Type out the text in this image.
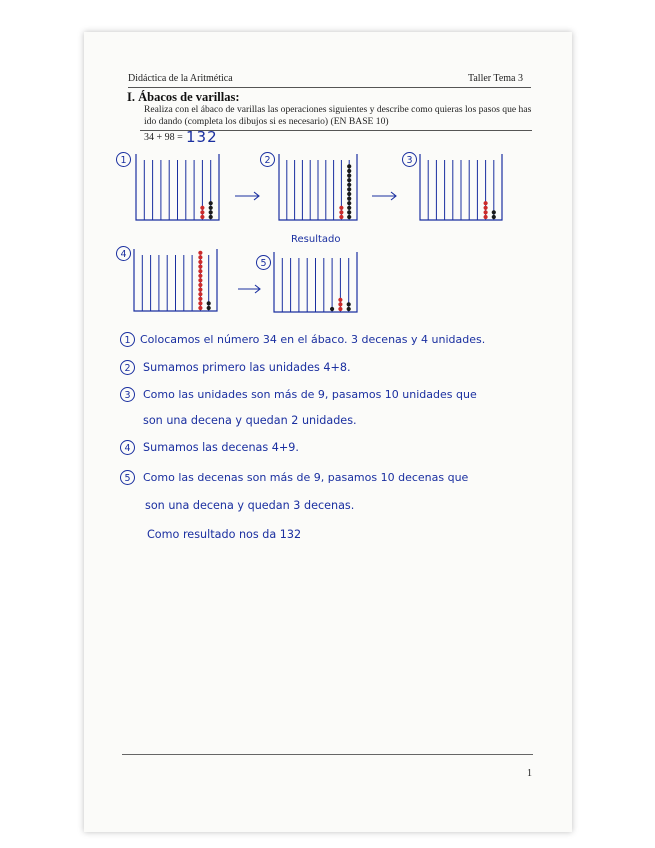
Didáctica de la Aritmética	Taller Tema 3
I. Ábacos de varillas:
Realiza con el ábaco de varillas las operaciones siguientes y describe como quieras los pasos que has ido dando (completa los dibujos si es necesario) (EN BASE 10)
34 + 98 = 132
1	2	3
4
Resultado
5
1 Colocamos el número 34 en el ábaco. 3 decenas y 4 unidades.
2	Sumamos primero las unidades 4+8.
3	Como las unidades son más de 9, pasamos 10 unidades que
son una decena y quedan 2 unidades.
4	Sumamos las decenas 4+9.
5	Como las decenas son más de 9, pasamos 10 decenas que
son una decena y quedan 3 decenas.
Como resultado nos da 132
1
